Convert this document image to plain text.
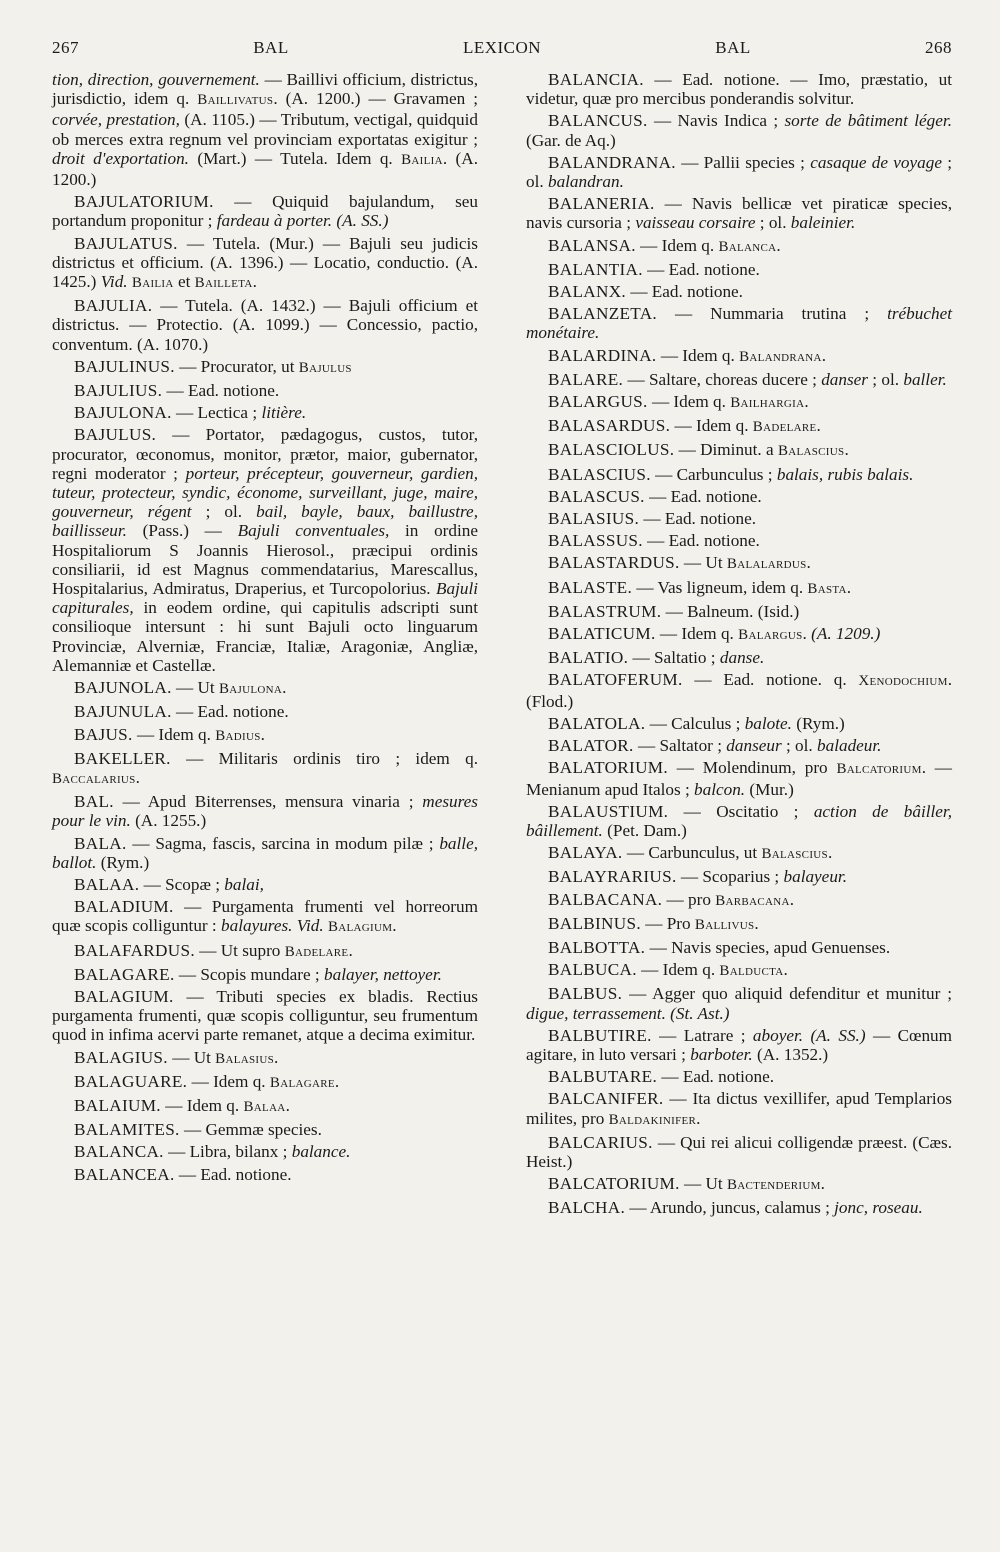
267	BAL	LEXICON	BAL	268

tion, direction, gouvernement. — Baillivi officium, districtus, jurisdictio, idem q. Baillivatus. (A. 1200.) — Gravamen ; corvée, prestation, (A. 1105.) — Tributum, vectigal, quidquid ob merces extra regnum vel provinciam exportatas exigitur ; droit d'exportation. (Mart.) — Tutela. Idem q. Bailia. (A. 1200.)

BAJULATORIUM. — Quiquid bajulandum, seu portandum proponitur ; fardeau à porter. (A. SS.)

BAJULATUS. — Tutela. (Mur.) — Bajuli seu judicis districtus et officium. (A. 1396.) — Locatio, conductio. (A. 1425.) Vid. Bailia et Bailleta.

BAJULIA. — Tutela. (A. 1432.) — Bajuli officium et districtus. — Protectio. (A. 1099.) — Concessio, pactio, conventum. (A. 1070.)

BAJULINUS. — Procurator, ut Bajulus

BAJULIUS. — Ead. notione.

BAJULONA. — Lectica ; litière.

BAJULUS. — Portator, pædagogus, custos, tutor, procurator, œconomus, monitor, prætor, maior, gubernator, regni moderator ; porteur, précepteur, gouverneur, gardien, tuteur, protecteur, syndic, économe, surveillant, juge, maire, gouverneur, régent ; ol. bail, bayle, baux, baillustre, baillisseur. (Pass.) — Bajuli conventuales, in ordine Hospitaliorum S Joannis Hierosol., præcipui ordinis consiliarii, id est Magnus commendatarius, Marescallus, Hospitalarius, Admiratus, Draperius, et Turcopolorius. Bajuli capiturales, in eodem ordine, qui capitulis adscripti sunt consilioque intersunt : hi sunt Bajuli octo linguarum Provinciæ, Alverniæ, Franciæ, Italiæ, Aragoniæ, Angliæ, Alemanniæ et Castellæ.

BAJUNOLA. — Ut Bajulona.

BAJUNULA. — Ead. notione.

BAJUS. — Idem q. Badius.

BAKELLER. — Militaris ordinis tiro ; idem q. Baccalarius.

BAL. — Apud Biterrenses, mensura vinaria ; mesures pour le vin. (A. 1255.)

BALA. — Sagma, fascis, sarcina in modum pilæ ; balle, ballot. (Rym.)

BALAA. — Scopæ ; balai,

BALADIUM. — Purgamenta frumenti vel horreorum quæ scopis colliguntur : balayures. Vid. Balagium.

BALAFARDUS. — Ut supro Badelare.

BALAGARE. — Scopis mundare ; balayer, nettoyer.

BALAGIUM. — Tributi species ex bladis. Rectius purgamenta frumenti, quæ scopis colliguntur, seu frumentum quod in infima acervi parte remanet, atque a decima eximitur.

BALAGIUS. — Ut Balasius.

BALAGUARE. — Idem q. Balagare.

BALAIUM. — Idem q. Balaa.

BALAMITES. — Gemmæ species.

BALANCA. — Libra, bilanx ; balance.

BALANCEA. — Ead. notione.

BALANCIA. — Ead. notione. — Imo, præstatio, ut videtur, quæ pro mercibus ponderandis solvitur.

BALANCUS. — Navis Indica ; sorte de bâtiment léger. (Gar. de Aq.)

BALANDRANA. — Pallii species ; casaque de voyage ; ol. balandran.

BALANERIA. — Navis bellicæ vet piraticæ species, navis cursoria ; vaisseau corsaire ; ol. baleinier.

BALANSA. — Idem q. Balanca.

BALANTIA. — Ead. notione.

BALANX. — Ead. notione.

BALANZETA. — Nummaria trutina ; trébuchet monétaire.

BALARDINA. — Idem q. Balandrana.

BALARE. — Saltare, choreas ducere ; danser ; ol. baller.

BALARGUS. — Idem q. Bailhargia.

BALASARDUS. — Idem q. Badelare.

BALASCIOLUS. — Diminut. a Balascius.

BALASCIUS. — Carbunculus ; balais, rubis balais.

BALASCUS. — Ead. notione.

BALASIUS. — Ead. notione.

BALASSUS. — Ead. notione.

BALASTARDUS. — Ut Balalardus.

BALASTE. — Vas ligneum, idem q. Basta.

BALASTRUM. — Balneum. (Isid.)

BALATICUM. — Idem q. Balargus. (A. 1209.)

BALATIO. — Saltatio ; danse.

BALATOFERUM. — Ead. notione. q. Xenodochium. (Flod.)

BALATOLA. — Calculus ; balote. (Rym.)

BALATOR. — Saltator ; danseur ; ol. baladeur.

BALATORIUM. — Molendinum, pro Balcatorium. — Menianum apud Italos ; balcon. (Mur.)

BALAUSTIUM. — Oscitatio ; action de bâiller, bâillement. (Pet. Dam.)

BALAYA. — Carbunculus, ut Balascius.

BALAYRARIUS. — Scoparius ; balayeur.

BALBACANA. — pro Barbacana.

BALBINUS. — Pro Ballivus.

BALBOTTA. — Navis species, apud Genuenses.

BALBUCA. — Idem q. Balducta.

BALBUS. — Agger quo aliquid defenditur et munitur ; digue, terrassement. (St. Ast.)

BALBUTIRE. — Latrare ; aboyer. (A. SS.) — Cœnum agitare, in luto versari ; barboter. (A. 1352.)

BALBUTARE. — Ead. notione.

BALCANIFER. — Ita dictus vexillifer, apud Templarios milites, pro Baldakinifer.

BALCARIUS. — Qui rei alicui colligendæ præest. (Cæs. Heist.)

BALCATORIUM. — Ut Bactenderium.

BALCHA. — Arundo, juncus, calamus ; jonc, roseau.
